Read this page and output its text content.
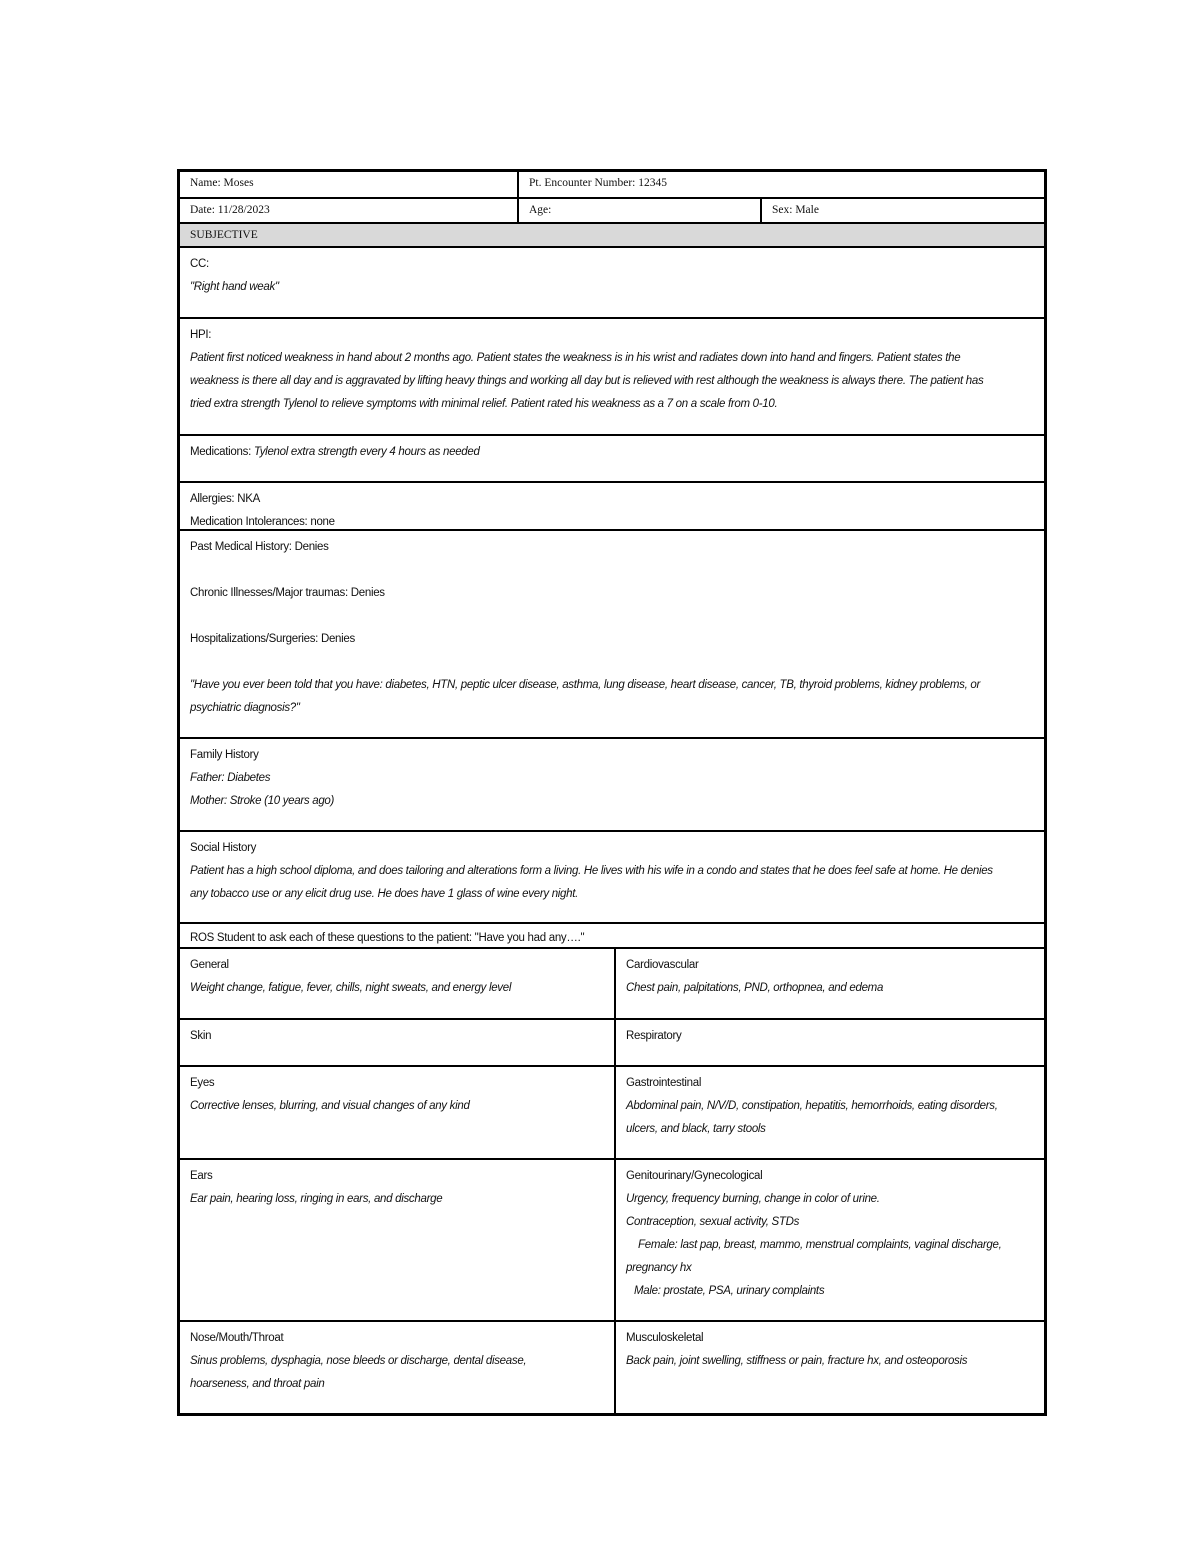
Name: Moses	Pt. Encounter Number: 12345
Date: 11/28/2023	Age:	Sex: Male
SUBJECTIVE
CC:
"Right hand weak"
HPI:
Patient first noticed weakness in hand about 2 months ago. Patient states the weakness is in his wrist and radiates down into hand and fingers. Patient states the
weakness is there all day and is aggravated by lifting heavy things and working all day but is relieved with rest although the weakness is always there. The patient has
tried extra strength Tylenol to relieve symptoms with minimal relief. Patient rated his weakness as a 7 on a scale from 0-10.
Medications: Tylenol extra strength every 4 hours as needed
Allergies: NKA
Medication Intolerances: none
Past Medical History: Denies
Chronic Illnesses/Major traumas: Denies
Hospitalizations/Surgeries: Denies
"Have you ever been told that you have: diabetes, HTN, peptic ulcer disease, asthma, lung disease, heart disease, cancer, TB, thyroid problems, kidney problems, or
psychiatric diagnosis?"
Family History
Father: Diabetes
Mother: Stroke (10 years ago)
Social History
Patient has a high school diploma, and does tailoring and alterations form a living. He lives with his wife in a condo and states that he does feel safe at home. He denies
any tobacco use or any elicit drug use. He does have 1 glass of wine every night.
ROS Student to ask each of these questions to the patient: "Have you had any…."
General
Weight change, fatigue, fever, chills, night sweats, and energy level
Cardiovascular
Chest pain, palpitations, PND, orthopnea, and edema
Skin	Respiratory
Eyes
Corrective lenses, blurring, and visual changes of any kind
Gastrointestinal
Abdominal pain, N/V/D, constipation, hepatitis, hemorrhoids, eating disorders,
ulcers, and black, tarry stools
Ears
Ear pain, hearing loss, ringing in ears, and discharge
Genitourinary/Gynecological
Urgency, frequency burning, change in color of urine.
Contraception, sexual activity, STDs
Female: last pap, breast, mammo, menstrual complaints, vaginal discharge,
pregnancy hx
Male: prostate, PSA, urinary complaints
Nose/Mouth/Throat
Sinus problems, dysphagia, nose bleeds or discharge, dental disease,
hoarseness, and throat pain
Musculoskeletal
Back pain, joint swelling, stiffness or pain, fracture hx, and osteoporosis
